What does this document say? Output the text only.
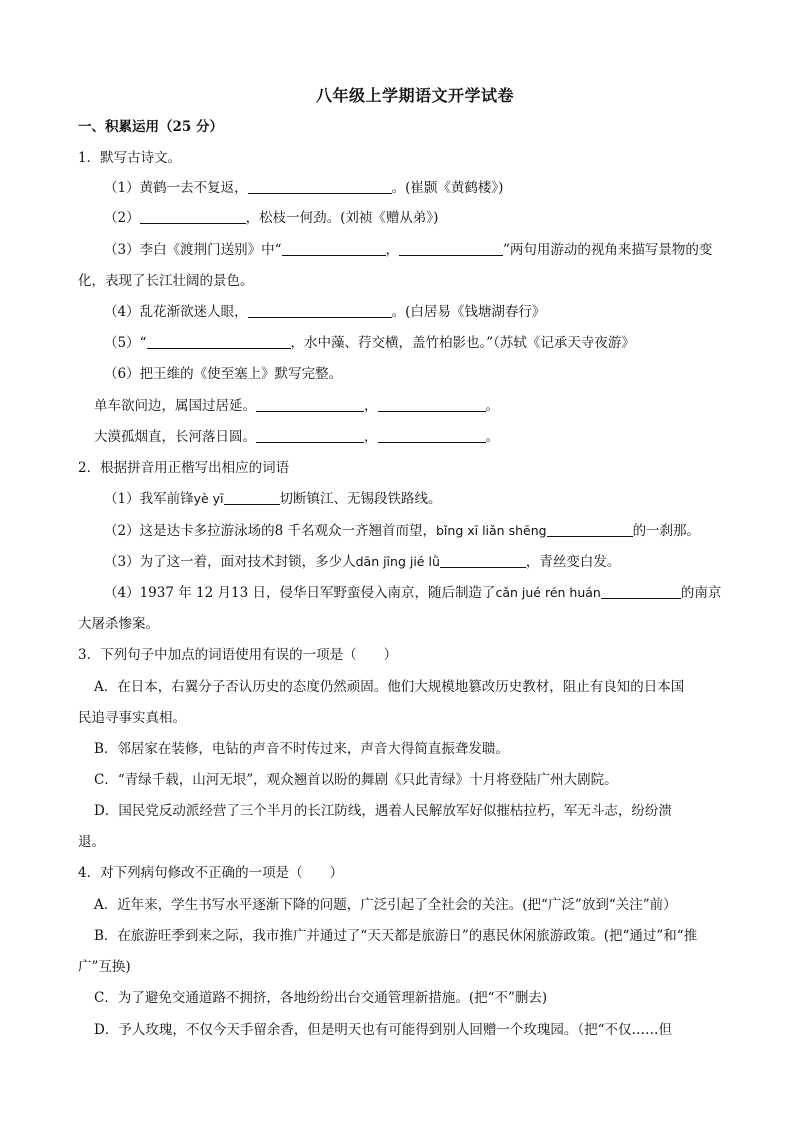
八年级上学期语文开学试卷
一、积累运用（25 分）
1．默写古诗文。
（1）黄鹤一去不复返，	。(崔颢《黄鹤楼》)
（2）	，松枝一何劲。(刘祯《赠从弟》)
（3）李白《渡荆门送别》中“	，	”两句用游动的视角来描写景物的变
化，表现了长江壮阔的景色。
（4）乱花渐欲迷人眼，	。(白居易《钱塘湖春行》
（5）“	，水中藻、荇交横，盖竹柏影也。”（苏轼《记承天寺夜游》
（6）把王维的《使至塞上》默写完整。
单车欲问边，属国过居延。	，	。
大漠孤烟直，长河落日圆。	，	。
2．根据拼音用正楷写出相应的词语
（1）我军前锋yè yī	切断镇江、无锡段铁路线。
（2）这是达卡多拉游泳场的8 千名观众一齐翘首而望，bǐng xī liǎn shēng	的一刹那。
（3）为了这一着，面对技术封锁，多少人dān jīng jié lǜ	，青丝变白发。
（4）1937 年 12 月13 日，侵华日军野蛮侵入南京，随后制造了cǎn jué rén huán	的南京
大屠杀惨案。
3．下列句子中加点的词语使用有误的一项是（　　）
A．在日本，右翼分子否认历史的态度仍然顽固。他们大规模地篡改历史教材，阻止有良知的日本国
民追寻事实真相。
B．邻居家在装修，电钻的声音不时传过来，声音大得简直振聋发聩。
C．“青绿千载，山河无垠”，观众翘首以盼的舞剧《只此青绿》十月将登陆广州大剧院。
D．国民党反动派经营了三个半月的长江防线，遇着人民解放军好似摧枯拉朽，军无斗志，纷纷溃
退。
4．对下列病句修改不正确的一项是（　　）
A．近年来，学生书写水平逐渐下降的问题，广泛引起了全社会的关注。(把“广泛”放到“关注”前）
B．在旅游旺季到来之际，我市推广并通过了“天天都是旅游日”的惠民休闲旅游政策。(把“通过”和“推
广”互换)
C．为了避免交通道路不拥挤，各地纷纷出台交通管理新措施。(把“不”删去)
D．予人玫瑰，不仅今天手留余香，但是明天也有可能得到别人回赠一个玫瑰园。（把“不仅……但
